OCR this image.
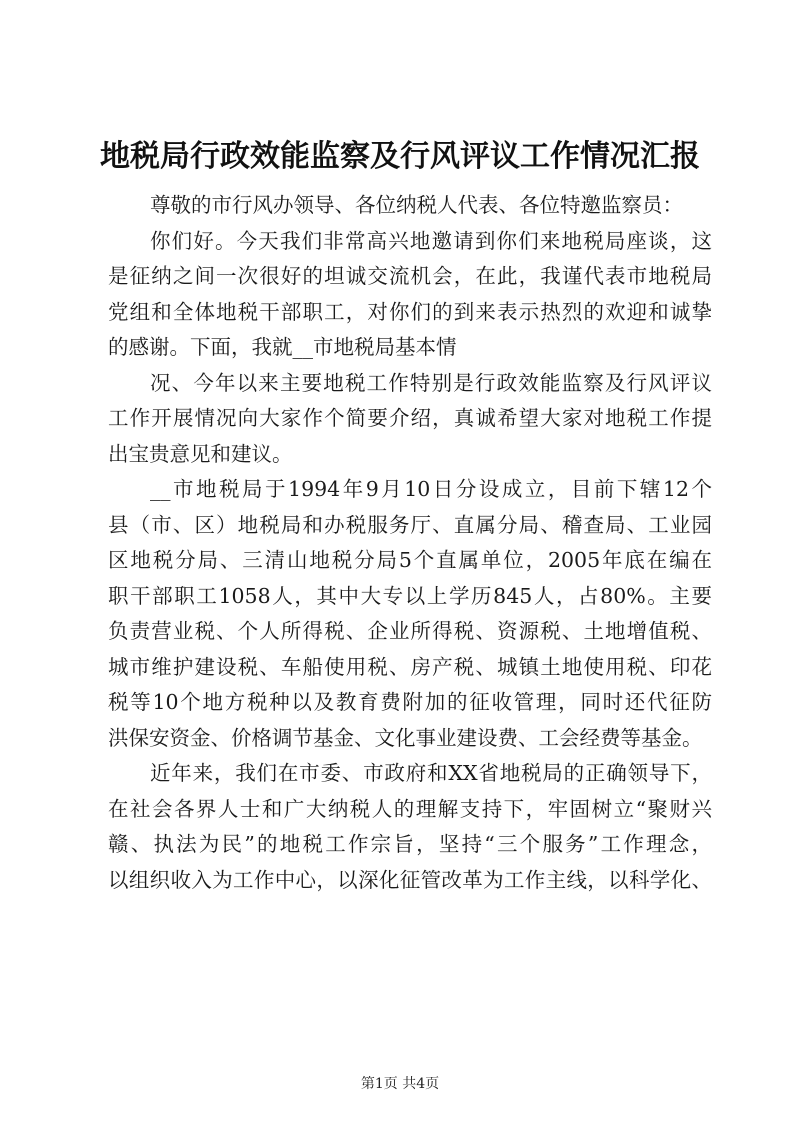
地税局行政效能监察及行风评议工作情况汇报
尊敬的市行风办领导、各位纳税人代表、各位特邀监察员：
你们好。今天我们非常高兴地邀请到你们来地税局座谈，这
是征纳之间一次很好的坦诚交流机会，在此，我谨代表市地税局
党组和全体地税干部职工，对你们的到来表示热烈的欢迎和诚挚
的感谢。下面，我就__市地税局基本情
况、今年以来主要地税工作特别是行政效能监察及行风评议
工作开展情况向大家作个简要介绍，真诚希望大家对地税工作提
出宝贵意见和建议。
__市地税局于1994年9月10日分设成立，目前下辖12个
县（市、区）地税局和办税服务厅、直属分局、稽查局、工业园
区地税分局、三清山地税分局5个直属单位，2005年底在编在
职干部职工1058人，其中大专以上学历845人，占80%。主要
负责营业税、个人所得税、企业所得税、资源税、土地增值税、
城市维护建设税、车船使用税、房产税、城镇土地使用税、印花
税等10个地方税种以及教育费附加的征收管理，同时还代征防
洪保安资金、价格调节基金、文化事业建设费、工会经费等基金。
近年来，我们在市委、市政府和XX省地税局的正确领导下，
在社会各界人士和广大纳税人的理解支持下，牢固树立“聚财兴
赣、执法为民”的地税工作宗旨，坚持“三个服务”工作理念，
以组织收入为工作中心，以深化征管改革为工作主线，以科学化、
第1页 共4页
